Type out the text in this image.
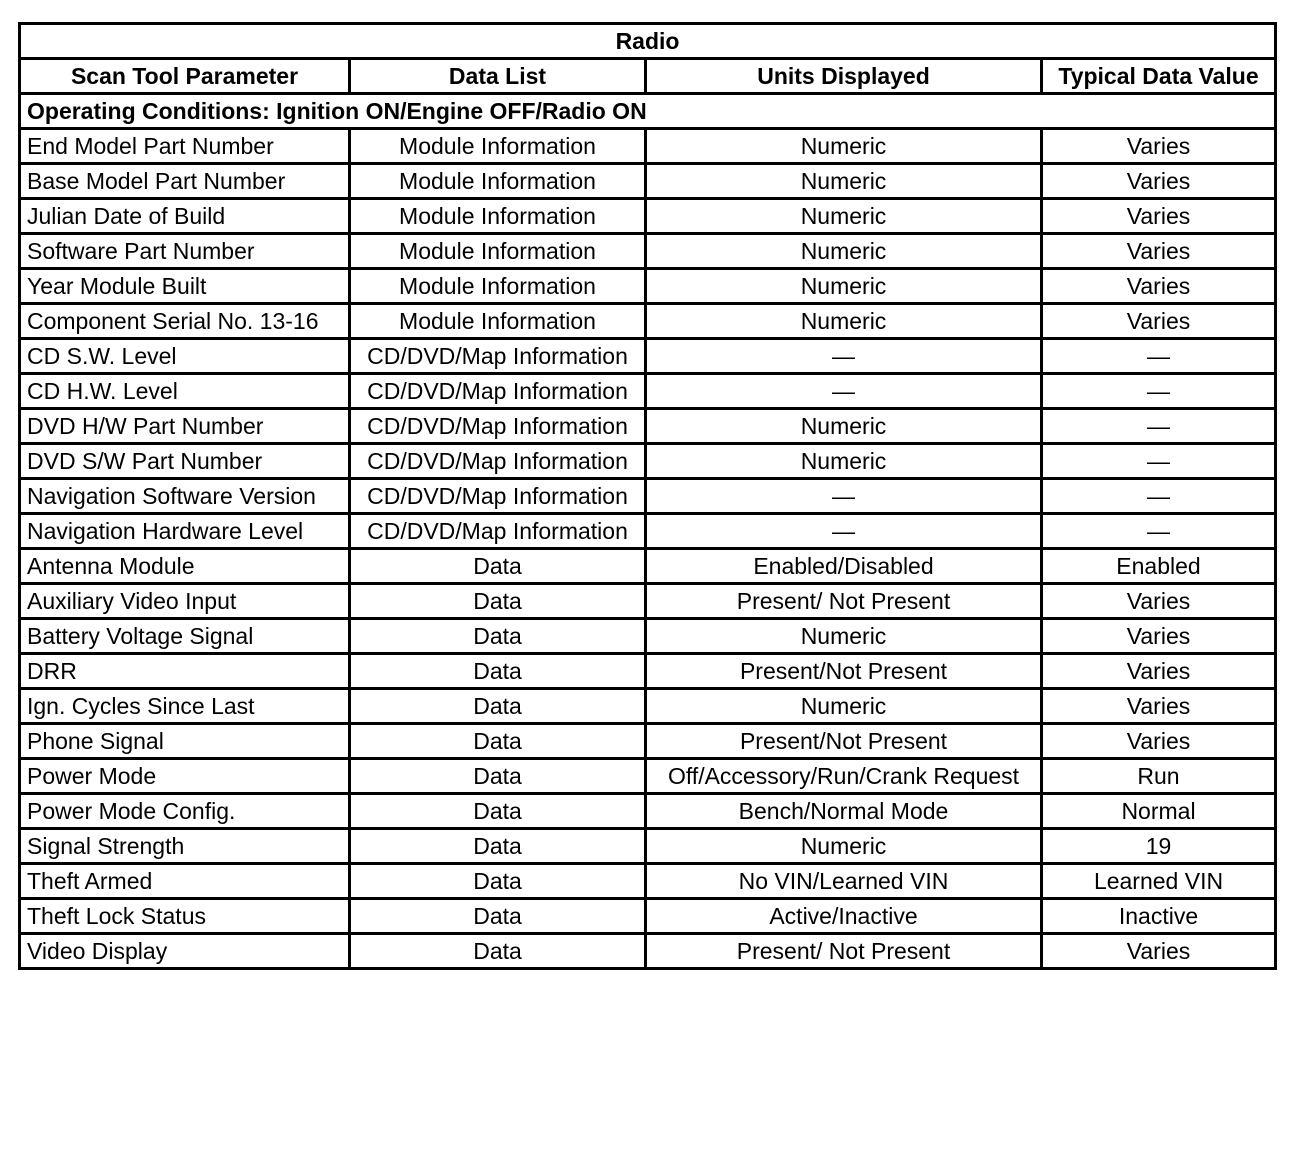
Radio			
Scan Tool Parameter	Data List	Units Displayed	Typical Data Value
Operating Conditions: Ignition ON/Engine OFF/Radio ON			
End Model Part Number	Module Information	Numeric	Varies
Base Model Part Number	Module Information	Numeric	Varies
Julian Date of Build	Module Information	Numeric	Varies
Software Part Number	Module Information	Numeric	Varies
Year Module Built	Module Information	Numeric	Varies
Component Serial No. 13-16	Module Information	Numeric	Varies
CD S.W. Level	CD/DVD/Map Information	—	—
CD H.W. Level	CD/DVD/Map Information	—	—
DVD H/W Part Number	CD/DVD/Map Information	Numeric	—
DVD S/W Part Number	CD/DVD/Map Information	Numeric	—
Navigation Software Version	CD/DVD/Map Information	—	—
Navigation Hardware Level	CD/DVD/Map Information	—	—
Antenna Module	Data	Enabled/Disabled	Enabled
Auxiliary Video Input	Data	Present/ Not Present	Varies
Battery Voltage Signal	Data	Numeric	Varies
DRR	Data	Present/Not Present	Varies
Ign. Cycles Since Last	Data	Numeric	Varies
Phone Signal	Data	Present/Not Present	Varies
Power Mode	Data	Off/Accessory/Run/Crank Request	Run
Power Mode Config.	Data	Bench/Normal Mode	Normal
Signal Strength	Data	Numeric	19
Theft Armed	Data	No VIN/Learned VIN	Learned VIN
Theft Lock Status	Data	Active/Inactive	Inactive
Video Display	Data	Present/ Not Present	Varies
